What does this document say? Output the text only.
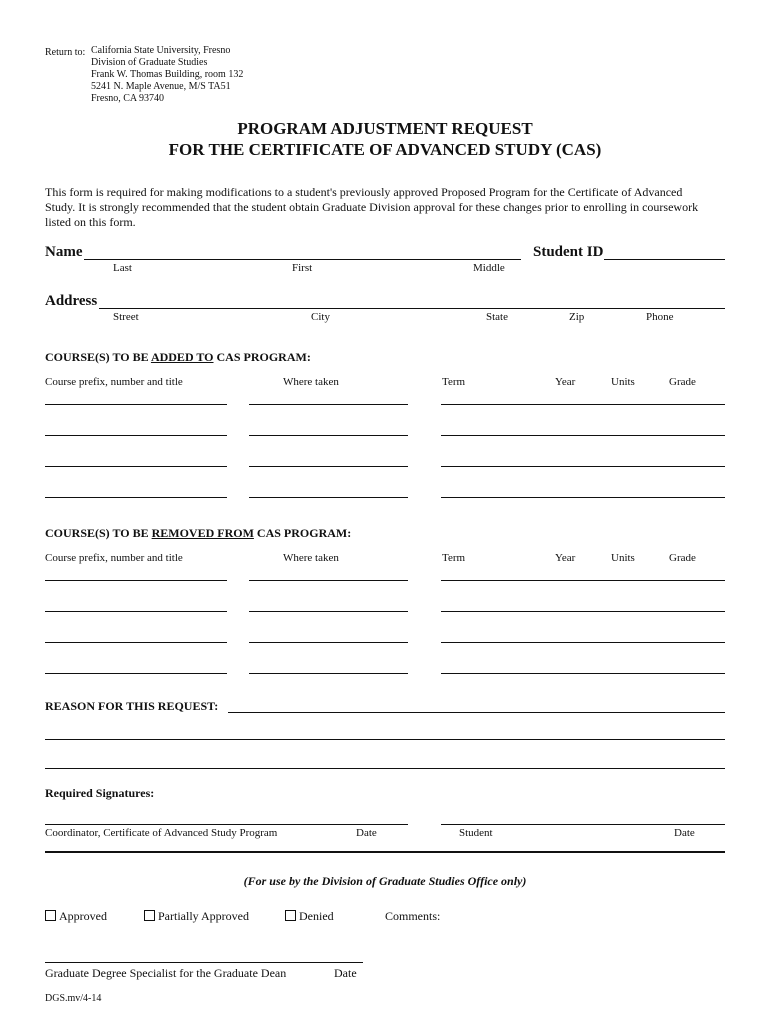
Return to: California State University, Fresno
Division of Graduate Studies
Frank W. Thomas Building, room 132
5241 N. Maple Avenue, M/S TA51
Fresno, CA 93740
PROGRAM ADJUSTMENT REQUEST
FOR THE CERTIFICATE OF ADVANCED STUDY (CAS)
This form is required for making modifications to a student's previously approved Proposed Program for the Certificate of Advanced
Study. It is strongly recommended that the student obtain Graduate Division approval for these changes prior to enrolling in coursework
listed on this form.
Name	Student ID
Last	First	Middle
Address
Street	City	State	Zip	Phone
COURSE(S) TO BE ADDED TO CAS PROGRAM:
Course prefix, number and title	Where taken	Term	Year	Units	Grade
COURSE(S) TO BE REMOVED FROM CAS PROGRAM:
Course prefix, number and title	Where taken	Term	Year	Units	Grade
REASON FOR THIS REQUEST:
Required Signatures:
Coordinator, Certificate of Advanced Study Program	Date	Student	Date
(For use by the Division of Graduate Studies Office only)
Approved	Partially Approved	Denied	Comments:
Graduate Degree Specialist for the Graduate Dean	Date
DGS.mv/4-14
